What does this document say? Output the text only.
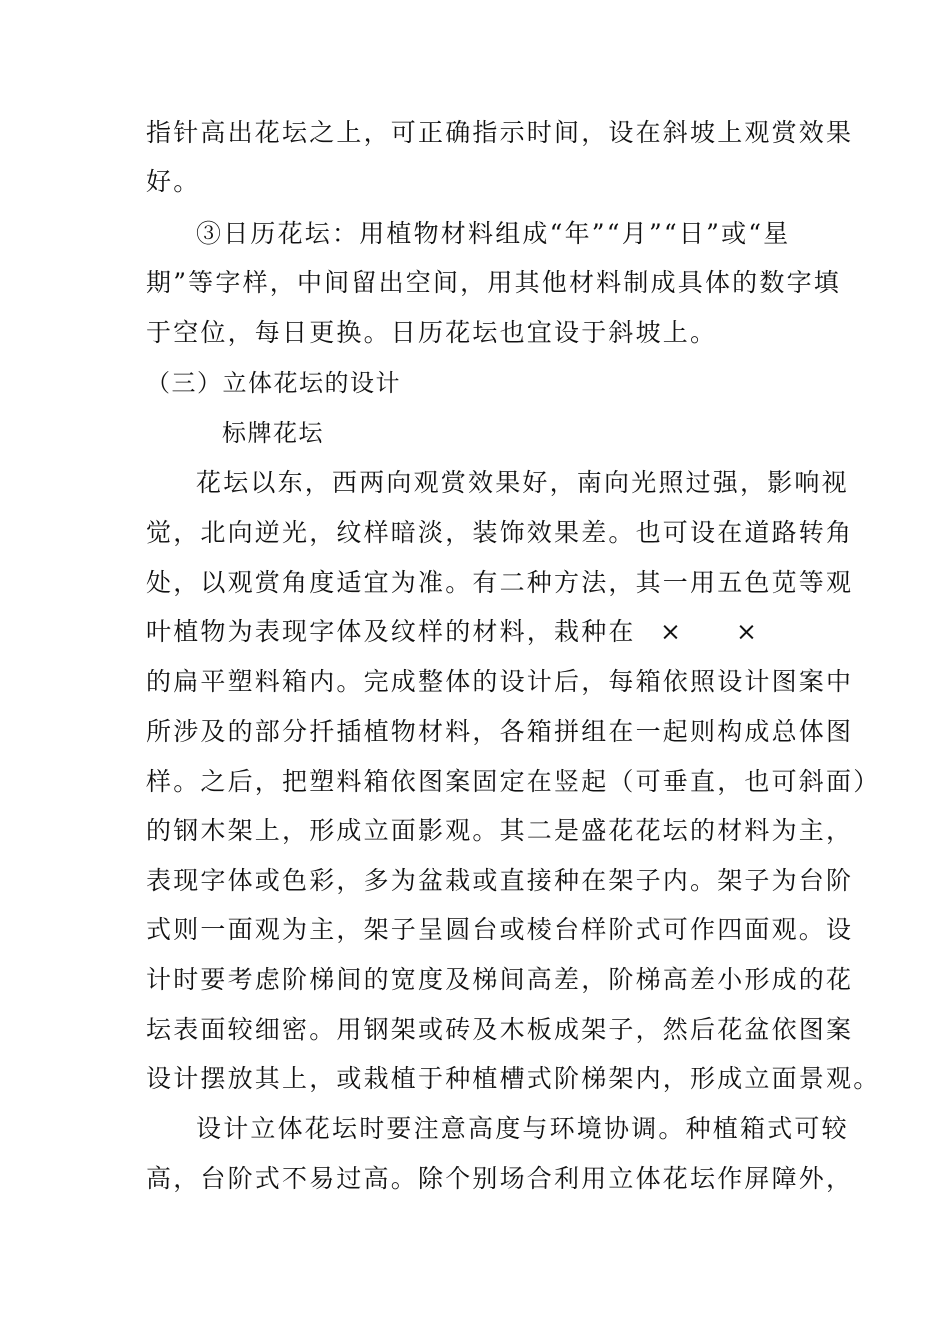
指针高出花坛之上，可正确指示时间，设在斜坡上观赏效果
好。
③日历花坛：用植物材料组成“年”“月”“日”或“星
期”等字样，中间留出空间，用其他材料制成具体的数字填
于空位，每日更换。日历花坛也宜设于斜坡上。
（三）立体花坛的设计
标牌花坛
花坛以东，西两向观赏效果好，南向光照过强，影响视
觉，北向逆光，纹样暗淡，装饰效果差。也可设在道路转角
处，以观赏角度适宜为准。有二种方法，其一用五色苋等观
叶植物为表现字体及纹样的材料，栽种在 × ×
的扁平塑料箱内。完成整体的设计后，每箱依照设计图案中
所涉及的部分扦插植物材料，各箱拼组在一起则构成总体图
样。之后，把塑料箱依图案固定在竖起（可垂直，也可斜面）
的钢木架上，形成立面影观。其二是盛花花坛的材料为主，
表现字体或色彩，多为盆栽或直接种在架子内。架子为台阶
式则一面观为主，架子呈圆台或棱台样阶式可作四面观。设
计时要考虑阶梯间的宽度及梯间高差，阶梯高差小形成的花
坛表面较细密。用钢架或砖及木板成架子，然后花盆依图案
设计摆放其上，或栽植于种植槽式阶梯架内，形成立面景观。
设计立体花坛时要注意高度与环境协调。种植箱式可较
高，台阶式不易过高。除个别场合利用立体花坛作屏障外，
